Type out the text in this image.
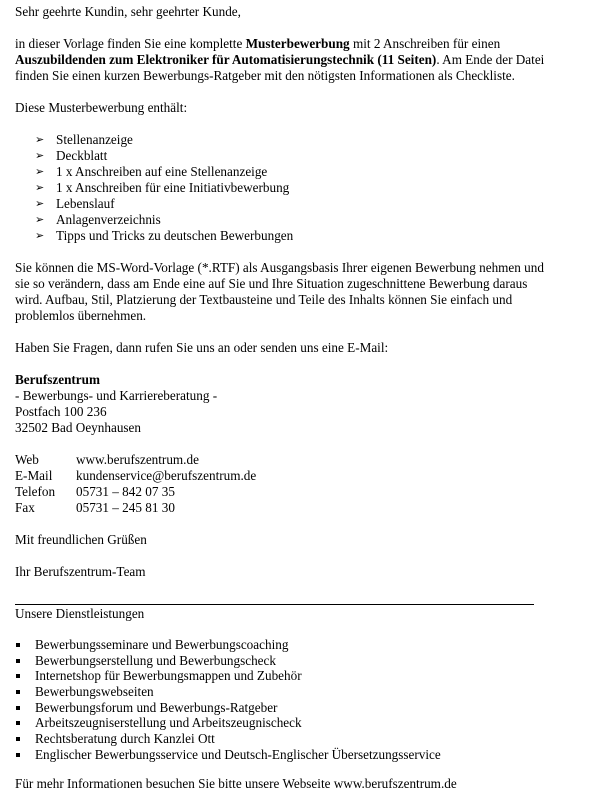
Sehr geehrte Kundin, sehr geehrter Kunde,

in dieser Vorlage finden Sie eine komplette Musterbewerbung mit 2 Anschreiben für einen Auszubildenden zum Elektroniker für Automatisierungstechnik (11 Seiten). Am Ende der Datei finden Sie einen kurzen Bewerbungs-Ratgeber mit den nötigsten Informationen als Checkliste.

Diese Musterbewerbung enthält:

➢ Stellenanzeige
➢ Deckblatt
➢ 1 x Anschreiben auf eine Stellenanzeige
➢ 1 x Anschreiben für eine Initiativbewerbung
➢ Lebenslauf
➢ Anlagenverzeichnis
➢ Tipps und Tricks zu deutschen Bewerbungen

Sie können die MS-Word-Vorlage (*.RTF) als Ausgangsbasis Ihrer eigenen Bewerbung nehmen und sie so verändern, dass am Ende eine auf Sie und Ihre Situation zugeschnittene Bewerbung daraus wird. Aufbau, Stil, Platzierung der Textbausteine und Teile des Inhalts können Sie einfach und problemlos übernehmen.

Haben Sie Fragen, dann rufen Sie uns an oder senden uns eine E-Mail:

Berufszentrum

- Bewerbungs- und Karriereberatung -

Postfach 100 236

32502 Bad Oeynhausen

Web	www.berufszentrum.de
E-Mail	kundenservice@berufszentrum.de
Telefon	05731 – 842 07 35
Fax	05731 – 245 81 30

Mit freundlichen Grüßen

Ihr Berufszentrum-Team

Unsere Dienstleistungen

Bewerbungsseminare und Bewerbungscoaching
Bewerbungserstellung und Bewerbungscheck
Internetshop für Bewerbungsmappen und Zubehör
Bewerbungswebseiten
Bewerbungsforum und Bewerbungs-Ratgeber
Arbeitszeugniserstellung und Arbeitszeugnischeck
Rechtsberatung durch Kanzlei Ott
Englischer Bewerbungsservice und Deutsch-Englischer Übersetzungsservice

Für mehr Informationen besuchen Sie bitte unsere Webseite www.berufszentrum.de
